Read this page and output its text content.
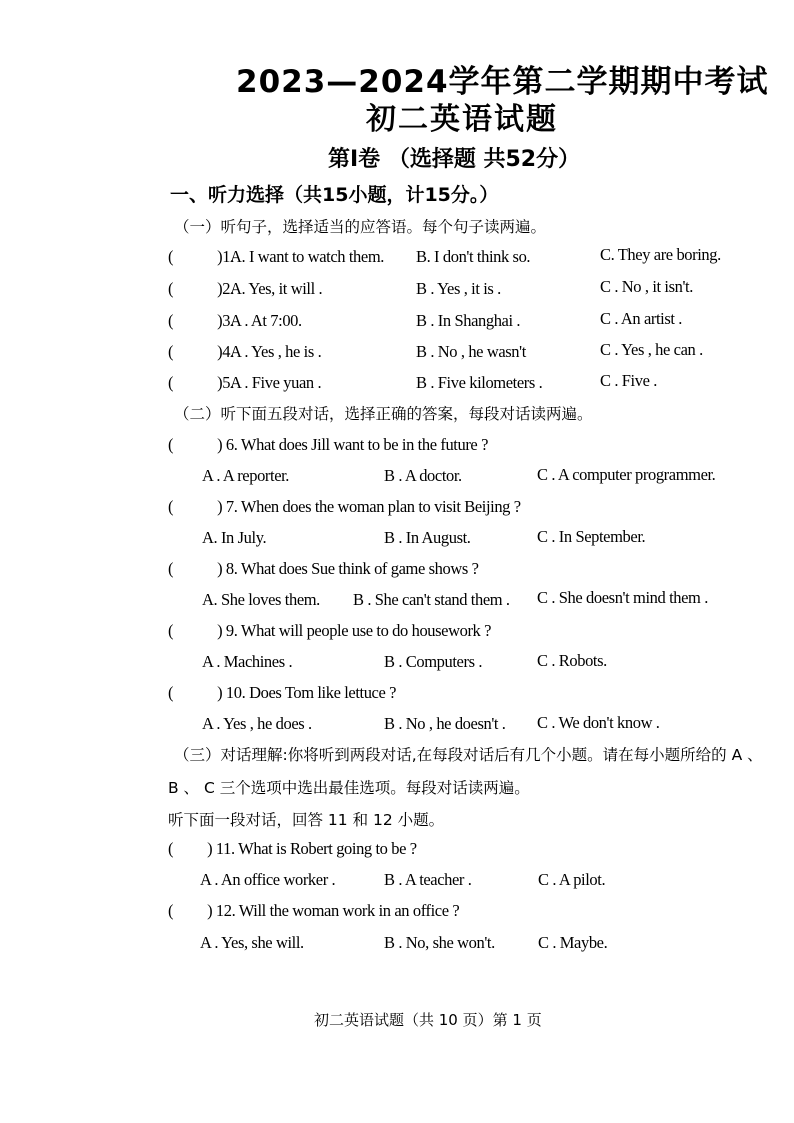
2023—2024学年第二学期期中考试
初二英语试题
第I卷 （选择题 共52分）
一、听力选择（共15小题，计15分。）
（一）听句子，选择适当的应答语。每个句子读两遍。
(	)1.
A. I want to watch them. B. I don't think so.	C. They are boring.
(	)2.
A. Yes, it will .	B . Yes , it is .	C . No , it isn't.
(	)3.
A . At 7:00.	B . In Shanghai .	C . An artist .
(	)4.
A . Yes , he is .	B . No , he wasn't	C . Yes , he can .
(	)5.
A . Five yuan .	B . Five kilometers .	C . Five .
（二）听下面五段对话，选择正确的答案，每段对话读两遍。
(	) 6. What does Jill want to be in the future ?
A . A reporter.	B . A doctor.	C . A computer programmer.
(	) 7. When does the woman plan to visit Beijing ?
A. In July.	B . In August.	C . In September.
(	) 8. What does Sue think of game shows ?
A. She loves them. B . She can't stand them . C . She doesn't mind them .
(	) 9. What will people use to do housework ?
A . Machines .	B . Computers .	C . Robots.
(	) 10. Does Tom like lettuce ?
A . Yes , he does .	B . No , he doesn't . C . We don't know .
（三）对话理解:你将听到两段对话,在每段对话后有几个小题。请在每小题所给的 A 、
B 、 C 三个选项中选出最佳选项。每段对话读两遍。
听下面一段对话，回答 11 和 12 小题。
( ) 11. What is Robert going to be ?
A . An office worker .	B . A teacher .	C . A pilot.
( ) 12. Will the woman work in an office ?
A . Yes, she will.	B . No, she won't.	C . Maybe.
初二英语试题（共 10 页）第 1 页
